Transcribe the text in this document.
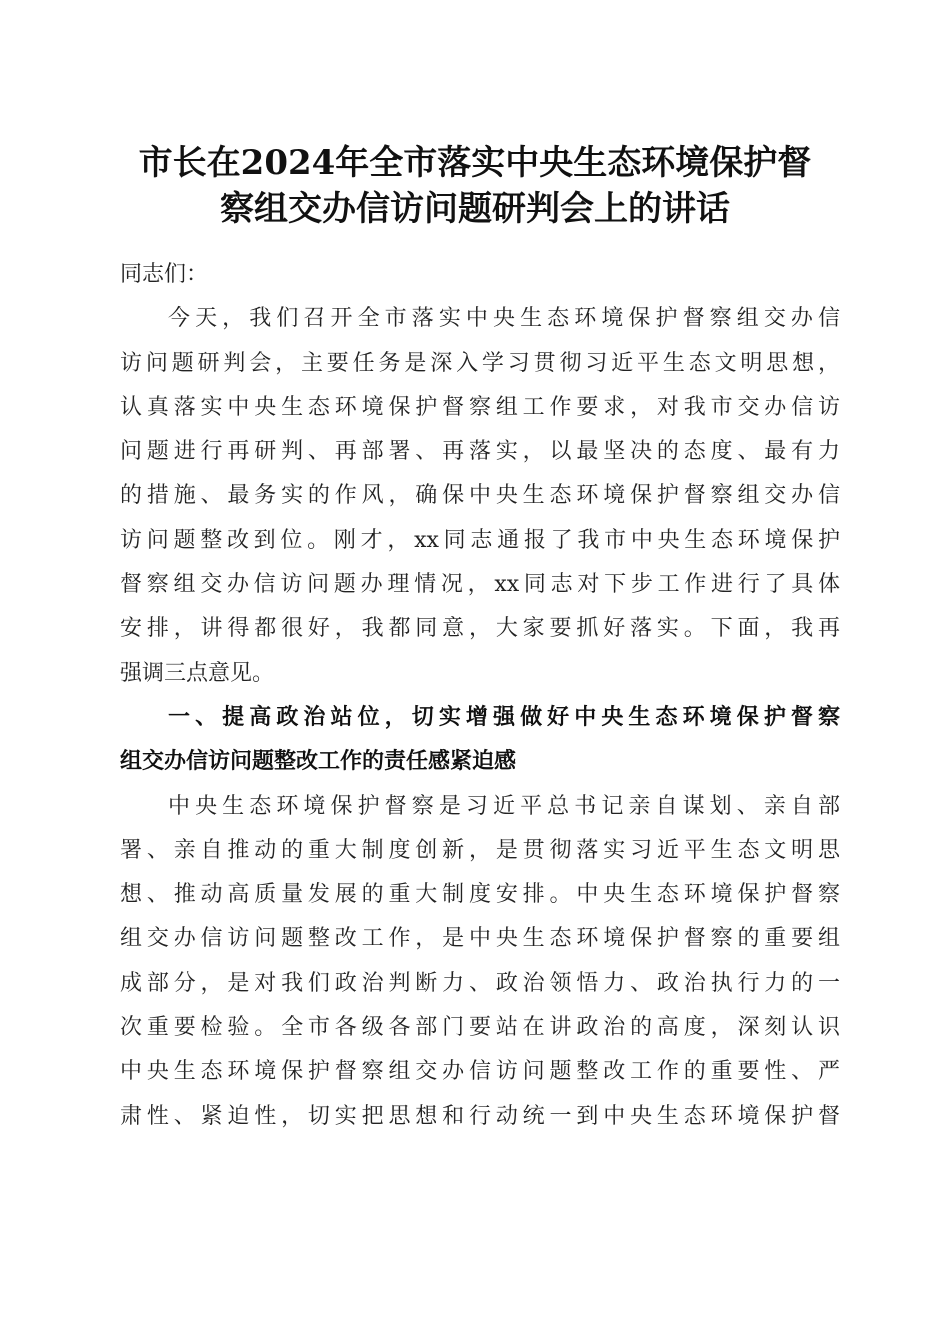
市长在2024年全市落实中央生态环境保护督
察组交办信访问题研判会上的讲话
同志们：
今天，我们召开全市落实中央生态环境保护督察组交办信
访问题研判会，主要任务是深入学习贯彻习近平生态文明思想，
认真落实中央生态环境保护督察组工作要求，对我市交办信访
问题进行再研判、再部署、再落实，以最坚决的态度、最有力
的措施、最务实的作风，确保中央生态环境保护督察组交办信
访问题整改到位。刚才，xx同志通报了我市中央生态环境保护
督察组交办信访问题办理情况，xx同志对下步工作进行了具体
安排，讲得都很好，我都同意，大家要抓好落实。下面，我再
强调三点意见。
一、提高政治站位，切实增强做好中央生态环境保护督察
组交办信访问题整改工作的责任感紧迫感
中央生态环境保护督察是习近平总书记亲自谋划、亲自部
署、亲自推动的重大制度创新，是贯彻落实习近平生态文明思
想、推动高质量发展的重大制度安排。中央生态环境保护督察
组交办信访问题整改工作，是中央生态环境保护督察的重要组
成部分，是对我们政治判断力、政治领悟力、政治执行力的一
次重要检验。全市各级各部门要站在讲政治的高度，深刻认识
中央生态环境保护督察组交办信访问题整改工作的重要性、严
肃性、紧迫性，切实把思想和行动统一到中央生态环境保护督
